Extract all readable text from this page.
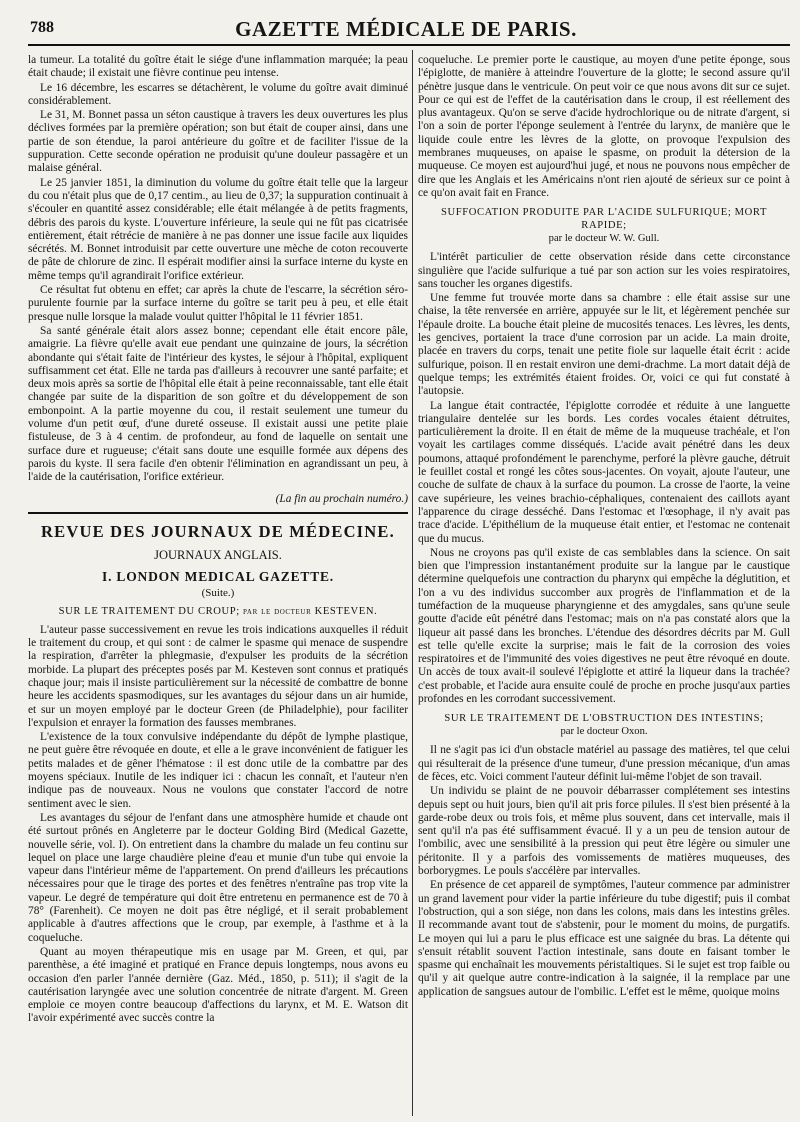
788	GAZETTE MÉDICALE DE PARIS.

la tumeur. La totalité du goître était le siége d'une inflammation marquée; la peau était chaude; il existait une fièvre continue peu intense.

Le 16 décembre, les escarres se détachèrent, le volume du goître avait diminué considérablement.

Le 31, M. Bonnet passa un séton caustique à travers les deux ouvertures les plus déclives formées par la première opération; son but était de couper ainsi, dans une partie de son étendue, la paroi antérieure du goître et de faciliter l'issue de la suppuration. Cette seconde opération ne produisit qu'une douleur passagère et un malaise général.

Le 25 janvier 1851, la diminution du volume du goître était telle que la largeur du cou n'était plus que de 0,17 centim., au lieu de 0,37; la suppuration continuait à s'écouler en quantité assez considérable; elle était mélangée à de petits fragments, débris des parois du kyste. L'ouverture inférieure, la seule qui ne fût pas cicatrisée entièrement, était rétrécie de manière à ne pas donner une issue facile aux liquides sécrétés. M. Bonnet introduisit par cette ouverture une mèche de coton recouverte de pâte de chlorure de zinc. Il espérait modifier ainsi la surface interne du kyste en même temps qu'il agrandirait l'orifice extérieur.

Ce résultat fut obtenu en effet; car après la chute de l'escarre, la sécrétion séro-purulente fournie par la surface interne du goître se tarit peu à peu, et elle était presque nulle lorsque la malade voulut quitter l'hôpital le 11 février 1851.

Sa santé générale était alors assez bonne; cependant elle était encore pâle, amaigrie. La fièvre qu'elle avait eue pendant une quinzaine de jours, la sécrétion abondante qui s'était faite de l'intérieur des kystes, le séjour à l'hôpital, expliquent suffisamment cet état. Elle ne tarda pas d'ailleurs à recouvrer une santé parfaite; et deux mois après sa sortie de l'hôpital elle était à peine reconnaissable, tant elle était changée par suite de la disparition de son goître et du développement de son embonpoint. A la partie moyenne du cou, il restait seulement une tumeur du volume d'un petit œuf, d'une dureté osseuse. Il existait aussi une petite plaie fistuleuse, de 3 à 4 centim. de profondeur, au fond de laquelle on sentait une surface dure et rugueuse; c'était sans doute une esquille formée aux dépens des parois du kyste. Il sera facile d'en obtenir l'élimination en agrandissant un peu, à l'aide de la cautérisation, l'orifice extérieur.

(La fin au prochain numéro.)

REVUE DES JOURNAUX DE MÉDECINE.
JOURNAUX ANGLAIS.
I. LONDON MEDICAL GAZETTE.
(Suite.)
SUR LE TRAITEMENT DU CROUP; par le docteur KESTEVEN.

L'auteur passe successivement en revue les trois indications auxquelles il réduit le traitement du croup, et qui sont : de calmer le spasme qui menace de suspendre la respiration, d'arrêter la phlegmasie, d'expulser les produits de la sécrétion morbide. La plupart des préceptes posés par M. Kesteven sont connus et pratiqués chaque jour; mais il insiste particulièrement sur la nécessité de combattre de bonne heure les accidents spasmodiques, sur les avantages du séjour dans un air humide, et sur un moyen employé par le docteur Green (de Philadelphie), pour faciliter l'expulsion et enrayer la formation des fausses membranes.

L'existence de la toux convulsive indépendante du dépôt de lymphe plastique, ne peut guère être révoquée en doute, et elle a le grave inconvénient de fatiguer les petits malades et de gêner l'hématose : il est donc utile de la combattre par des moyens spéciaux. Inutile de les indiquer ici : chacun les connaît, et l'auteur n'en indique pas de nouveaux. Nous ne voulons que constater l'accord de notre sentiment avec le sien.

Les avantages du séjour de l'enfant dans une atmosphère humide et chaude ont été surtout prônés en Angleterre par le docteur Golding Bird (Medical Gazette, nouvelle série, vol. I). On entretient dans la chambre du malade un feu continu sur lequel on place une large chaudière pleine d'eau et munie d'un tube qui envoie la vapeur dans l'intérieur même de l'appartement. On prend d'ailleurs les précautions nécessaires pour que le tirage des portes et des fenêtres n'entraîne pas trop vite la vapeur. Le degré de température qui doit être entretenu en permanence est de 70 à 78° (Farenheit). Ce moyen ne doit pas être négligé, et il serait probablement applicable à d'autres affections que le croup, par exemple, à l'asthme et à la coqueluche.

Quant au moyen thérapeutique mis en usage par M. Green, et qui, par parenthèse, a été imaginé et pratiqué en France depuis longtemps, nous avons eu occasion d'en parler l'année dernière (Gaz. Méd., 1850, p. 511); il s'agit de la cautérisation laryngée avec une solution concentrée de nitrate d'argent. M. Green emploie ce moyen contre beaucoup d'affections du larynx, et M. E. Watson dit l'avoir expérimenté avec succès contre la

coqueluche. Le premier porte le caustique, au moyen d'une petite éponge, sous l'épiglotte, de manière à atteindre l'ouverture de la glotte; le second assure qu'il pénètre jusque dans le ventricule. On peut voir ce que nous avons dit sur ce sujet. Pour ce qui est de l'effet de la cautérisation dans le croup, il est réellement des plus avantageux. Qu'on se serve d'acide hydrochlorique ou de nitrate d'argent, si l'on a soin de porter l'éponge seulement à l'entrée du larynx, de manière que le liquide coule entre les lèvres de la glotte, on provoque l'expulsion des membranes muqueuses, on apaise le spasme, on produit la détersion de la muqueuse. Ce moyen est aujourd'hui jugé, et nous ne pouvons nous empêcher de dire que les Anglais et les Américains n'ont rien ajouté de sérieux sur ce point à ce qu'on avait fait en France.

SUFFOCATION PRODUITE PAR L'ACIDE SULFURIQUE; MORT RAPIDE;
par le docteur W. W. Gull.

L'intérêt particulier de cette observation réside dans cette circonstance singulière que l'acide sulfurique a tué par son action sur les voies respiratoires, sans toucher les organes digestifs.

Une femme fut trouvée morte dans sa chambre : elle était assise sur une chaise, la tête renversée en arrière, appuyée sur le lit, et légèrement penchée sur l'épaule droite. La bouche était pleine de mucosités tenaces. Les lèvres, les dents, les gencives, portaient la trace d'une corrosion par un acide. La main droite, placée en travers du corps, tenait une petite fiole sur laquelle était écrit : acide sulfurique, poison. Il en restait environ une demi-drachme. La mort datait déjà de quelque temps; les extrémités étaient froides. Or, voici ce qui fut constaté à l'autopsie.

La langue était contractée, l'épiglotte corrodée et réduite à une languette triangulaire dentelée sur les bords. Les cordes vocales étaient détruites, particulièrement la droite. Il en était de même de la muqueuse trachéale, et l'on voyait les cartilages comme disséqués. L'acide avait pénétré dans les deux poumons, attaqué profondément le parenchyme, perforé la plèvre gauche, détruit le feuillet costal et rongé les côtes sous-jacentes. On voyait, ajoute l'auteur, une couche de sulfate de chaux à la surface du poumon. La crosse de l'aorte, la veine cave supérieure, les veines brachio-céphaliques, contenaient des caillots ayant l'apparence du cirage desséché. Dans l'estomac et l'œsophage, il n'y avait pas trace d'acide. L'épithélium de la muqueuse était entier, et l'estomac ne contenait que du mucus.

Nous ne croyons pas qu'il existe de cas semblables dans la science. On sait bien que l'impression instantanément produite sur la langue par le caustique détermine quelquefois une contraction du pharynx qui empêche la déglutition, et l'on a vu des individus succomber aux progrès de l'inflammation et de la tuméfaction de la muqueuse pharyngienne et des amygdales, sans qu'une seule goutte d'acide eût pénétré dans l'estomac; mais on n'a pas constaté alors que la liqueur ait passé dans les bronches. L'étendue des désordres décrits par M. Gull est telle qu'elle excite la surprise; mais le fait de la corrosion des voies respiratoires et de l'immunité des voies digestives ne peut être révoqué en doute. Un accès de toux avait-il soulevé l'épiglotte et attiré la liqueur dans la trachée? c'est probable, et l'acide aura ensuite coulé de proche en proche jusqu'aux parties profondes en les corrodant successivement.

SUR LE TRAITEMENT DE L'OBSTRUCTION DES INTESTINS;
par le docteur Oxon.

Il ne s'agit pas ici d'un obstacle matériel au passage des matières, tel que celui qui résulterait de la présence d'une tumeur, d'une pression mécanique, d'un amas de fèces, etc. Voici comment l'auteur définit lui-même l'objet de son travail.

Un individu se plaint de ne pouvoir débarrasser complétement ses intestins depuis sept ou huit jours, bien qu'il ait pris force pilules. Il s'est bien présenté à la garde-robe deux ou trois fois, et même plus souvent, dans cet intervalle, mais il sent qu'il n'a pas été suffisamment évacué. Il y a un peu de tension autour de l'ombilic, avec une sensibilité à la pression qui peut être légère ou simuler une péritonite. Il y a parfois des vomissements de matières muqueuses, des borborygmes. Le pouls s'accélère par intervalles.

En présence de cet appareil de symptômes, l'auteur commence par administrer un grand lavement pour vider la partie inférieure du tube digestif; puis il combat l'obstruction, qui a son siége, non dans les colons, mais dans les intestins grêles. Il recommande avant tout de s'abstenir, pour le moment du moins, de purgatifs. Le moyen qui lui a paru le plus efficace est une saignée du bras. La détente qui s'ensuit rétablit souvent l'action intestinale, sans doute en faisant tomber le spasme qui enchaînait les mouvements péristaltiques. Si le sujet est trop faible ou qu'il y ait quelque autre contre-indication à la saignée, il la remplace par une application de sangsues autour de l'ombilic. L'effet est le même, quoique moins
